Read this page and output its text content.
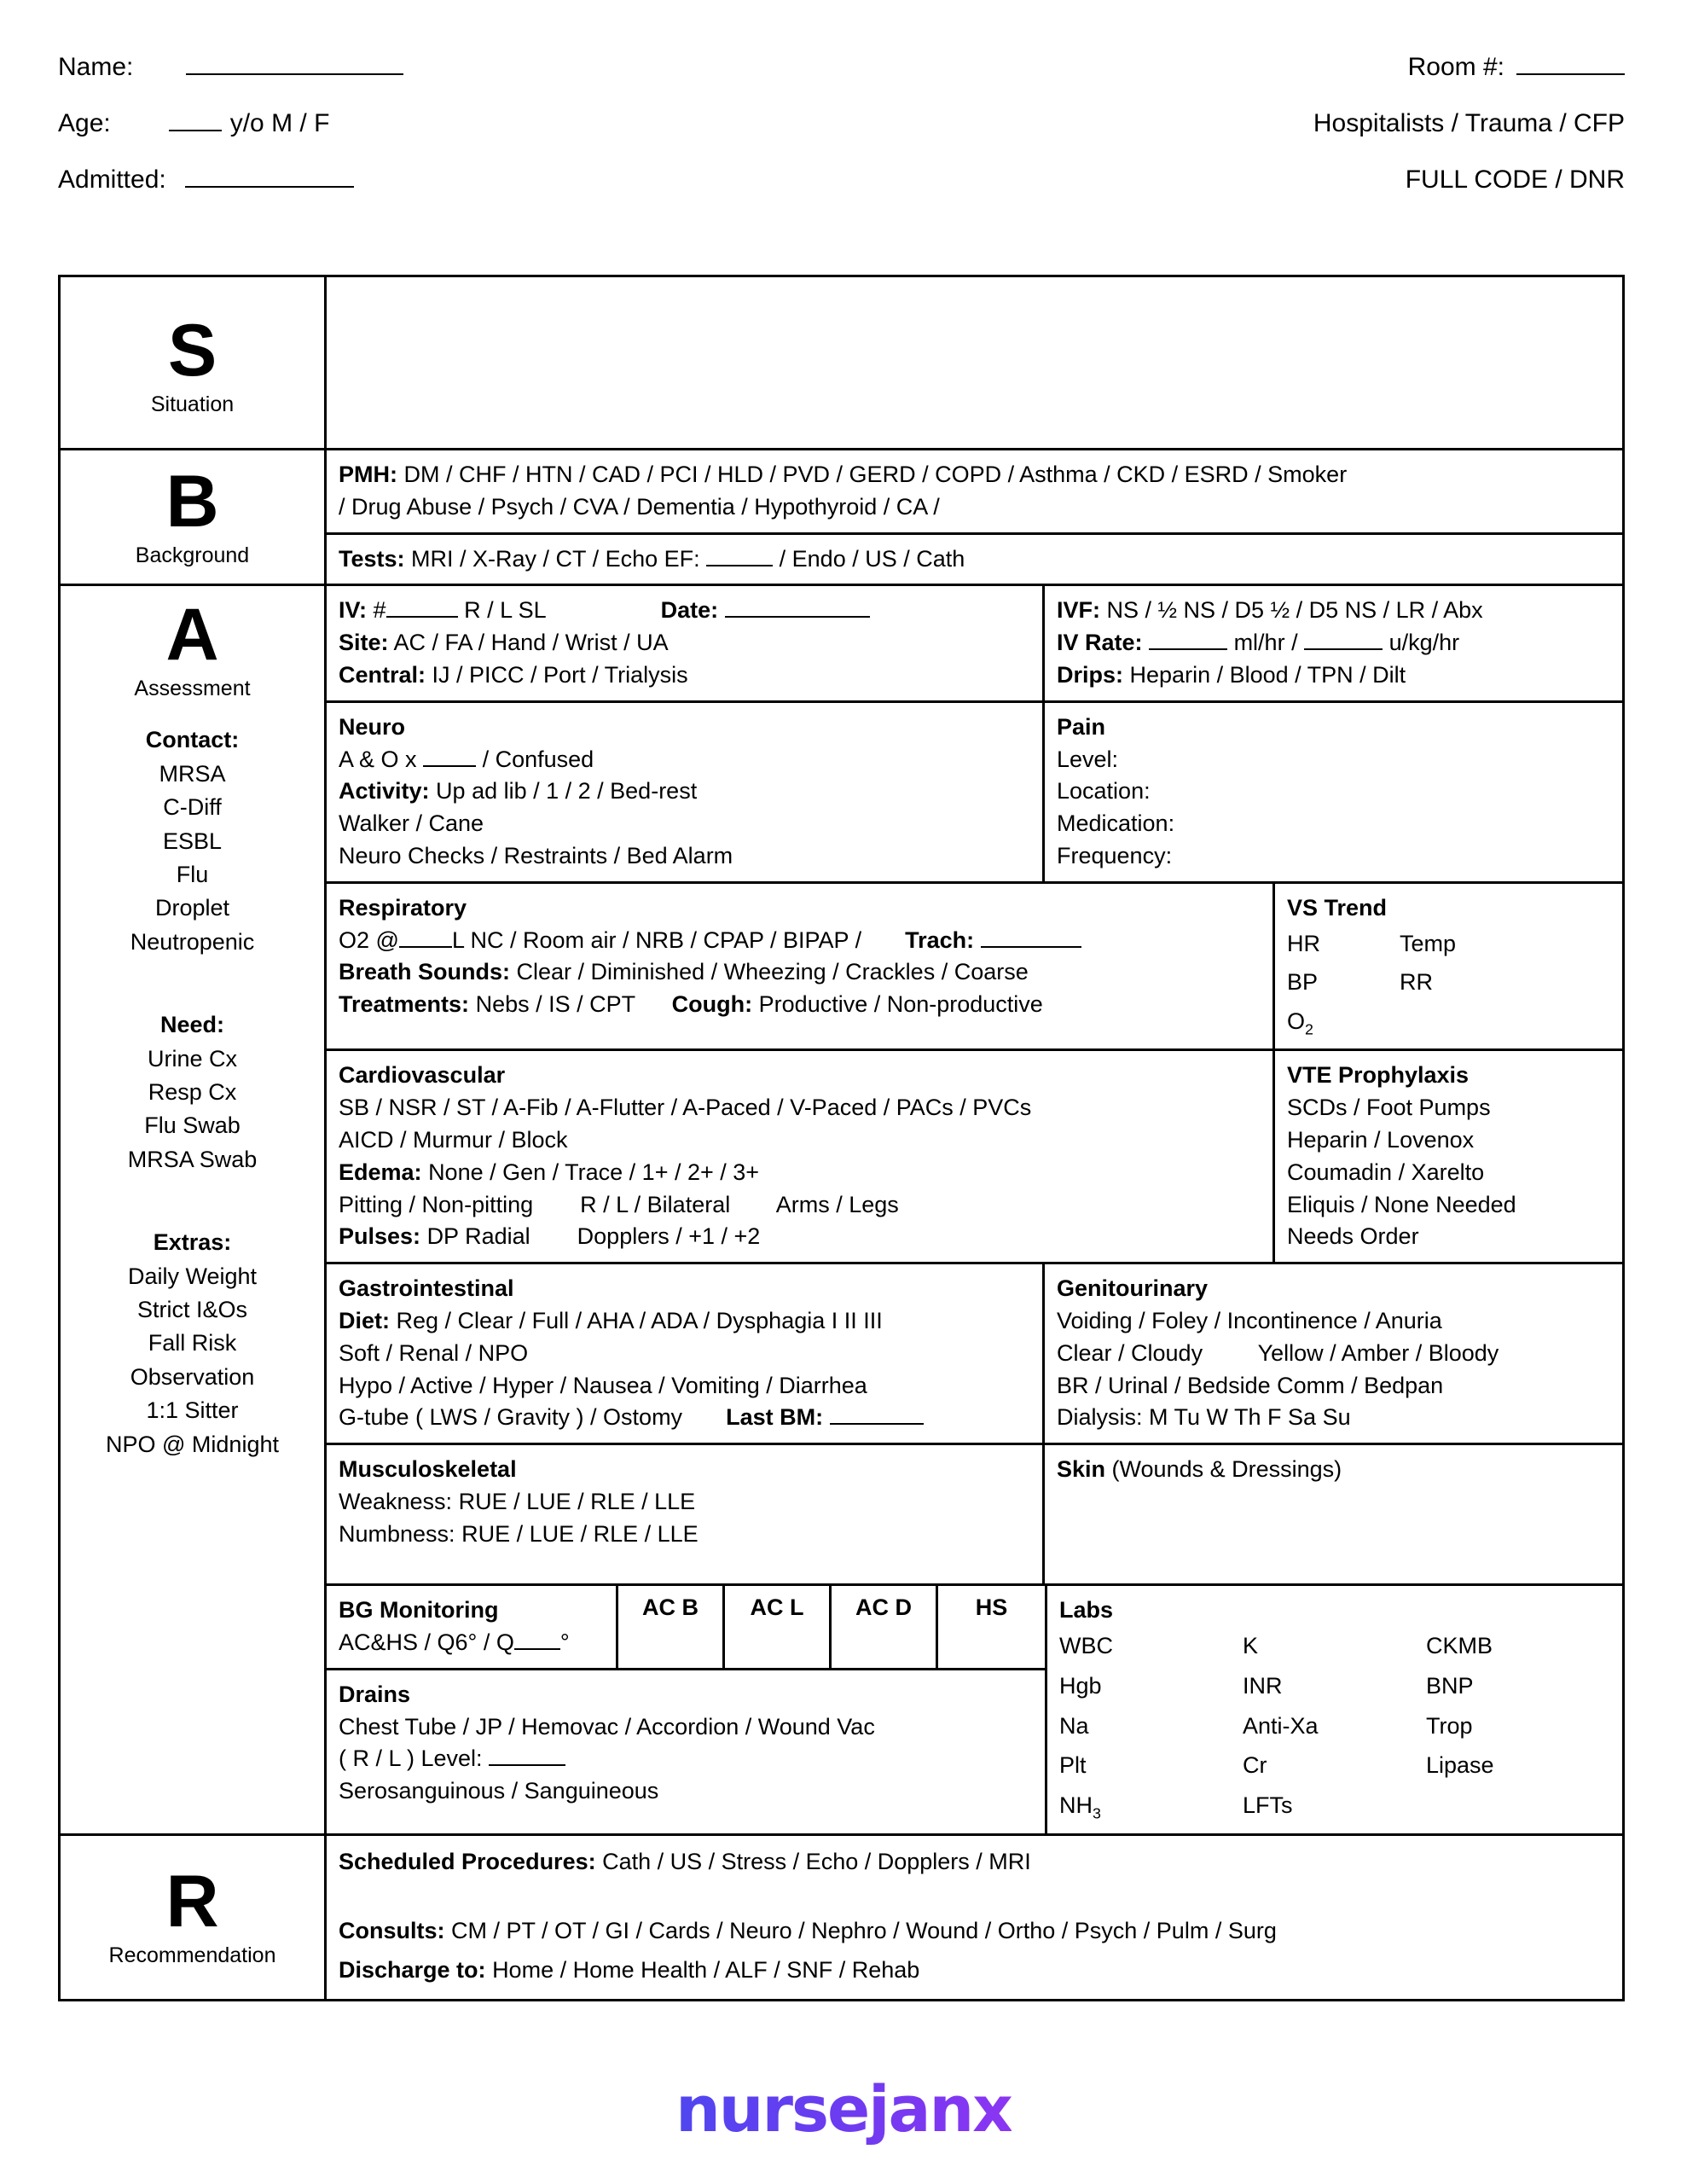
Name:	Room #:
Age:	y/o M / F	Hospitalists / Trauma / CFP
Admitted:	FULL CODE / DNR
S
Situation
B
Background
PMH: DM / CHF / HTN / CAD / PCI / HLD / PVD / GERD / COPD / Asthma / CKD / ESRD / Smoker
/ Drug Abuse / Psych / CVA / Dementia / Hypothyroid / CA /
Tests: MRI / X-Ray / CT / Echo EF:	/ Endo / US / Cath
A
Assessment
Contact:
MRSA
C-Diff
ESBL
Flu
Droplet
Neutropenic
Need:
Urine Cx
Resp Cx
Flu Swab
MRSA Swab
Extras:
Daily Weight
Strict I&Os
Fall Risk
Observation
1:1 Sitter
NPO @ Midnight
IV: #	R / L SL	Date:
Site: AC / FA / Hand / Wrist / UA
Central: IJ / PICC / Port / Trialysis
IVF: NS / ½ NS / D5 ½ / D5 NS / LR / Abx
IV Rate:	ml/hr /	u/kg/hr
Drips: Heparin / Blood / TPN / Dilt
Neuro
A & O x	/ Confused
Activity: Up ad lib / 1 / 2 / Bed-rest
Walker / Cane
Neuro Checks / Restraints / Bed Alarm
Pain
Level:
Location:
Medication:
Frequency:
Respiratory
O2 @ L NC / Room air / NRB / CPAP / BIPAP / Trach:
Breath Sounds: Clear / Diminished / Wheezing / Crackles / Coarse
Treatments: Nebs / IS / CPT Cough: Productive / Non-productive
VS Trend
HR	Temp
BP	RR
$O_2$
Cardiovascular
SB / NSR / ST / A-Fib / A-Flutter / A-Paced / V-Paced / PACs / PVCs
AICD / Murmur / Block
Edema: None / Gen / Trace / 1+ / 2+ / 3+
Pitting / Non-pitting R / L / Bilateral Arms / Legs
Pulses: DP Radial Dopplers / +1 / +2
VTE Prophylaxis
SCDs / Foot Pumps
Heparin / Lovenox
Coumadin / Xarelto
Eliquis / None Needed
Needs Order
Gastrointestinal
Diet: Reg / Clear / Full / AHA / ADA / Dysphagia I II III
Soft / Renal / NPO
Hypo / Active / Hyper / Nausea / Vomiting / Diarrhea
G-tube ( LWS / Gravity ) / Ostomy Last BM:
Genitourinary
Voiding / Foley / Incontinence / Anuria
Clear / Cloudy Yellow / Amber / Bloody
BR / Urinal / Bedside Comm / Bedpan
Dialysis: M Tu W Th F Sa Su
Musculoskeletal
Weakness: RUE / LUE / RLE / LLE
Numbness: RUE / LUE / RLE / LLE
Skin (Wounds & Dressings)
BG Monitoring
AC&HS / Q6° / Q °
AC B	AC L	AC D	HS
Drains
Chest Tube / JP / Hemovac / Accordion / Wound Vac
( R / L ) Level:
Serosanguinous / Sanguineous
Labs
WBC	K	CKMB
Hgb	INR	BNP
Na	Anti-Xa	Trop
Plt	Cr	Lipase
$NH_3$	LFTs
R
Recommendation
Scheduled Procedures: Cath / US / Stress / Echo / Dopplers / MRI
Consults: CM / PT / OT / GI / Cards / Neuro / Nephro / Wound / Ortho / Psych / Pulm / Surg
Discharge to: Home / Home Health / ALF / SNF / Rehab
nursejanx
